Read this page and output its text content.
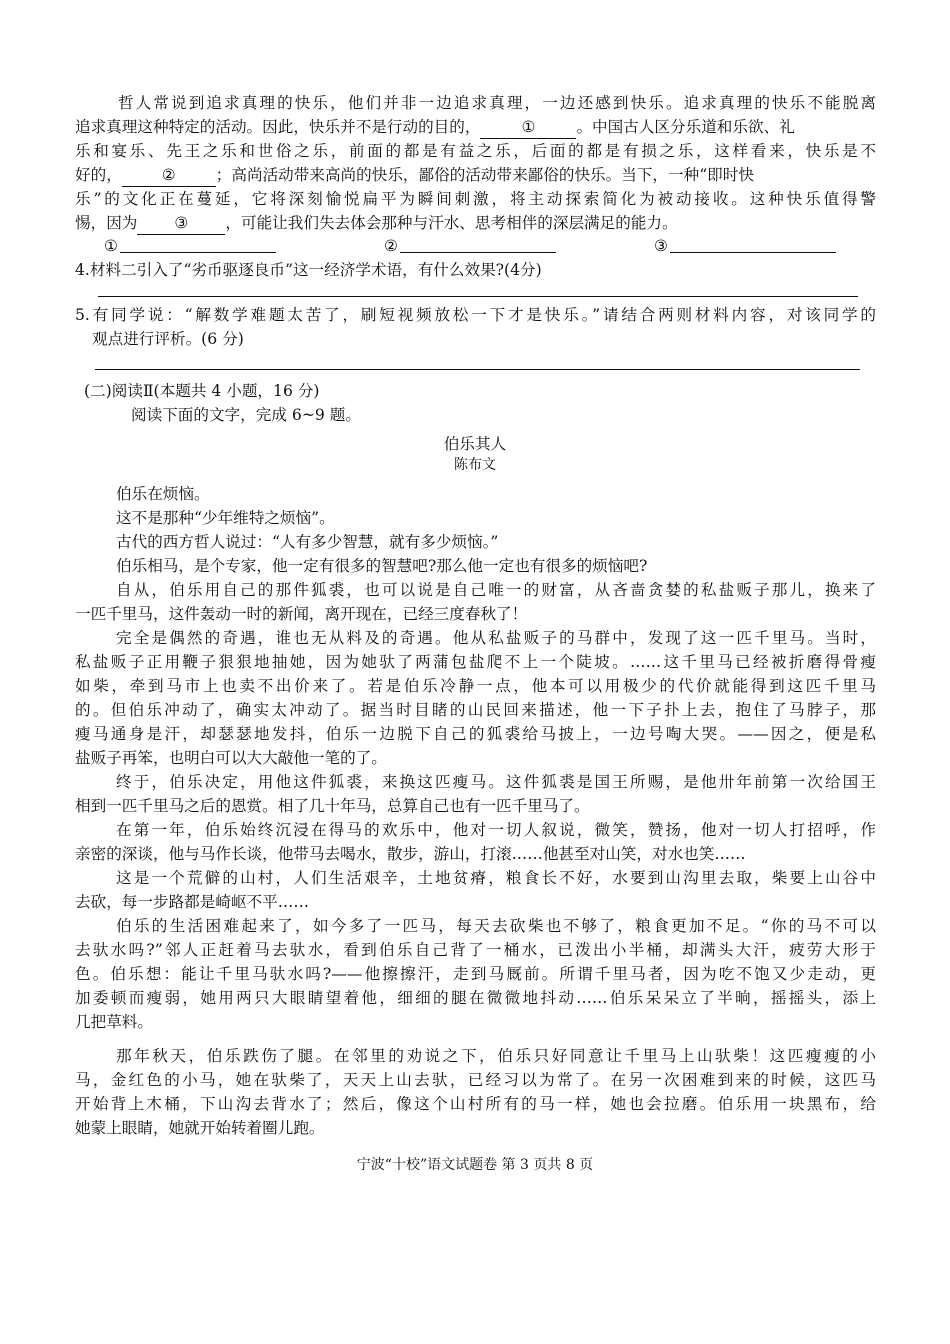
哲人常说到追求真理的快乐，他们并非一边追求真理，一边还感到快乐。追求真理的快乐不能脱离
追求真理这种特定的活动。因此，快乐并不是行动的目的，	①	。中国古人区分乐道和乐欲、礼
乐和宴乐、先王之乐和世俗之乐，前面的都是有益之乐，后面的都是有损之乐，这样看来，快乐是不
好的，	②	；高尚活动带来高尚的快乐，鄙俗的活动带来鄙俗的快乐。当下，一种“即时快
乐”的文化正在蔓延，它将深刻愉悦扁平为瞬间刺激，将主动探索简化为被动接收。这种快乐值得警
惕，因为 ③ ，可能让我们失去体会那种与汗水、思考相伴的深层满足的能力。
①	②	③
4.材料二引入了“劣币驱逐良币”这一经济学术语，有什么效果?(4分)
5.有同学说：“解数学难题太苦了，刷短视频放松一下才是快乐。”请结合两则材料内容，对该同学的
观点进行评析。(6 分)
(二)阅读Ⅱ(本题共 4 小题，16 分)
阅读下面的文字，完成 6~9 题。
伯乐其人
陈布文
伯乐在烦恼。
这不是那种“少年维特之烦恼”。
古代的西方哲人说过：“人有多少智慧，就有多少烦恼。”
伯乐相马，是个专家，他一定有很多的智慧吧?那么他一定也有很多的烦恼吧?
自从，伯乐用自己的那件狐裘，也可以说是自己唯一的财富，从吝啬贪婪的私盐贩子那儿，换来了
一匹千里马，这件轰动一时的新闻，离开现在，已经三度春秋了！
完全是偶然的奇遇，谁也无从料及的奇遇。他从私盐贩子的马群中，发现了这一匹千里马。当时，
私盐贩子正用鞭子狠狠地抽她，因为她驮了两蒲包盐爬不上一个陡坡。……这千里马已经被折磨得骨瘦
如柴，牵到马市上也卖不出价来了。若是伯乐冷静一点，他本可以用极少的代价就能得到这匹千里马
的。但伯乐冲动了，确实太冲动了。据当时目睹的山民回来描述，他一下子扑上去，抱住了马脖子，那
瘦马通身是汗，却瑟瑟地发抖，伯乐一边脱下自己的狐裘给马披上，一边号啕大哭。——因之，便是私
盐贩子再笨，也明白可以大大敲他一笔的了。
终于，伯乐决定，用他这件狐裘，来换这匹瘦马。这件狐裘是国王所赐，是他卅年前第一次给国王
相到一匹千里马之后的恩赏。相了几十年马，总算自己也有一匹千里马了。
在第一年，伯乐始终沉浸在得马的欢乐中，他对一切人叙说，微笑，赞扬，他对一切人打招呼，作
亲密的深谈，他与马作长谈，他带马去喝水，散步，游山，打滚……他甚至对山笑，对水也笑……
这是一个荒僻的山村，人们生活艰辛，土地贫瘠，粮食长不好，水要到山沟里去取，柴要上山谷中
去砍，每一步路都是崎岖不平……
伯乐的生活困难起来了，如今多了一匹马，每天去砍柴也不够了，粮食更加不足。“你的马不可以
去驮水吗?”邻人正赶着马去驮水，看到伯乐自己背了一桶水，已泼出小半桶，却满头大汗，疲劳大形于
色。伯乐想：能让千里马驮水吗?——他擦擦汗，走到马厩前。所谓千里马者，因为吃不饱又少走动，更
加委顿而瘦弱，她用两只大眼睛望着他，细细的腿在微微地抖动……伯乐呆呆立了半晌，摇摇头，添上
几把草料。
那年秋天，伯乐跌伤了腿。在邻里的劝说之下，伯乐只好同意让千里马上山驮柴！这匹瘦瘦的小
马，金红色的小马，她在驮柴了，天天上山去驮，已经习以为常了。在另一次困难到来的时候，这匹马
开始背上木桶，下山沟去背水了；然后，像这个山村所有的马一样，她也会拉磨。伯乐用一块黑布，给
她蒙上眼睛，她就开始转着圈儿跑。
宁波“十校”语文试题卷 第 3 页共 8 页
